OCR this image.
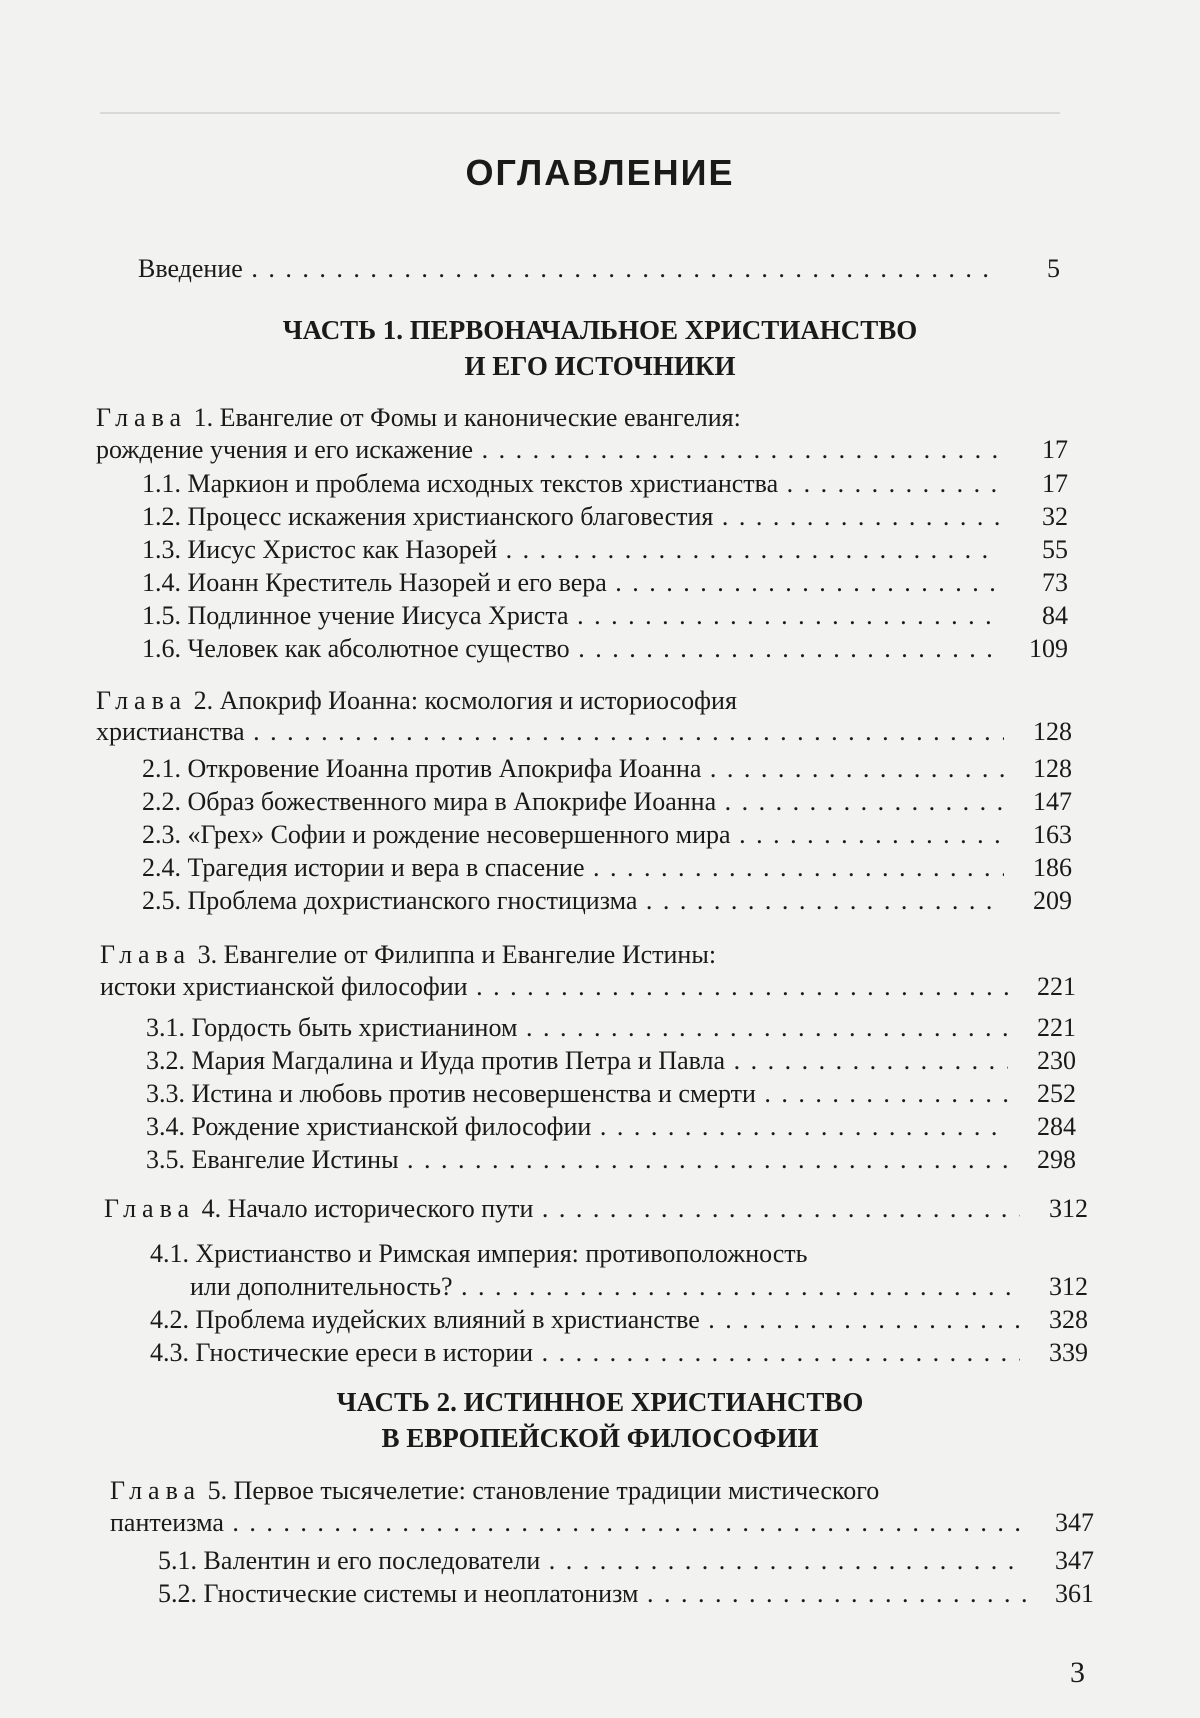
ОГЛАВЛЕНИЕ
Введение . . .	5
ЧАСТЬ 1. ПЕРВОНАЧАЛЬНОЕ ХРИСТИАНСТВО
И ЕГО ИСТОЧНИКИ
Глава 1. Евангелие от Фомы и канонические евангелия:
рождение учения и его искажение . . .	17
1.1. Маркион и проблема исходных текстов христианства . . .	17
1.2. Процесс искажения христианского благовестия . . .	32
1.3. Иисус Христос как Назорей . . .	55
1.4. Иоанн Креститель Назорей и его вера . . .	73
1.5. Подлинное учение Иисуса Христа . . .	84
1.6. Человек как абсолютное существо . . .	109
Глава 2. Апокриф Иоанна: космология и историософия
христианства . . .	128
2.1. Откровение Иоанна против Апокрифа Иоанна . . .	128
2.2. Образ божественного мира в Апокрифе Иоанна . . .	147
2.3. «Грех» Софии и рождение несовершенного мира . . .	163
2.4. Трагедия истории и вера в спасение . . .	186
2.5. Проблема дохристианского гностицизма . . .	209
Глава 3. Евангелие от Филиппа и Евангелие Истины:
истоки христианской философии . . .	221
3.1. Гордость быть христианином . . .	221
3.2. Мария Магдалина и Иуда против Петра и Павла . . .	230
3.3. Истина и любовь против несовершенства и смерти . . .	252
3.4. Рождение христианской философии . . .	284
3.5. Евангелие Истины . . .	298
Глава 4. Начало исторического пути . . .	312
4.1. Христианство и Римская империя: противоположность
или дополнительность? . . .	312
4.2. Проблема иудейских влияний в христианстве . . .	328
4.3. Гностические ереси в истории . . .	339
ЧАСТЬ 2. ИСТИННОЕ ХРИСТИАНСТВО
В ЕВРОПЕЙСКОЙ ФИЛОСОФИИ
Глава 5. Первое тысячелетие: становление традиции мистического
пантеизма . . .	347
5.1. Валентин и его последователи . . .	347
5.2. Гностические системы и неоплатонизм . . .	361
3
